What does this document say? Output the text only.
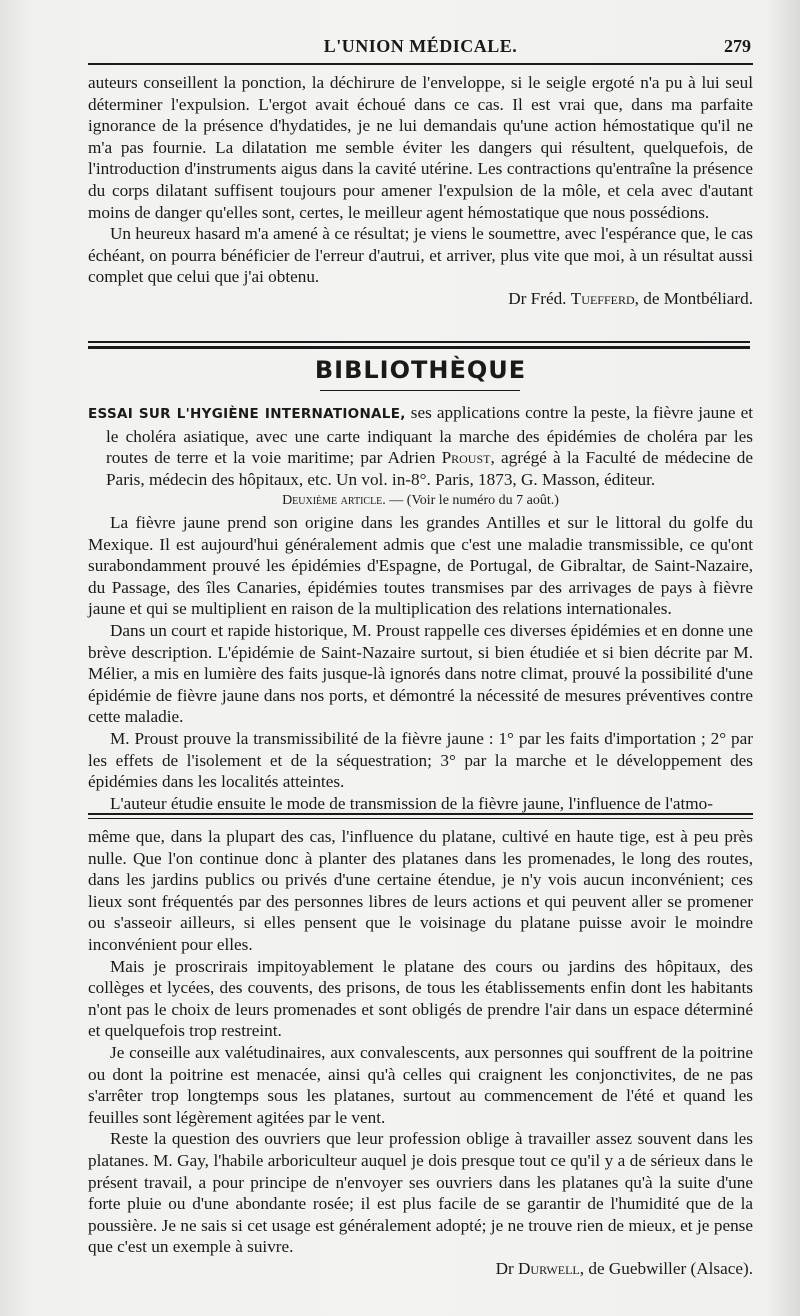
L'UNION MÉDICALE.	279

auteurs conseillent la ponction, la déchirure de l'enveloppe, si le seigle ergoté n'a pu à lui seul déterminer l'expulsion. L'ergot avait échoué dans ce cas. Il est vrai que, dans ma parfaite ignorance de la présence d'hydatides, je ne lui demandais qu'une action hémostatique qu'il ne m'a pas fournie. La dilatation me semble éviter les dangers qui résultent, quelquefois, de l'introduction d'instruments aigus dans la cavité utérine. Les contractions qu'entraîne la présence du corps dilatant suffisent toujours pour amener l'expulsion de la môle, et cela avec d'autant moins de danger qu'elles sont, certes, le meilleur agent hémostatique que nous possédions.

Un heureux hasard m'a amené à ce résultat; je viens le soumettre, avec l'espérance que, le cas échéant, on pourra bénéficier de l'erreur d'autrui, et arriver, plus vite que moi, à un résultat aussi complet que celui que j'ai obtenu.

Dr Fréd. Tuefferd, de Montbéliard.

BIBLIOTHÈQUE

ESSAI SUR L'HYGIÈNE INTERNATIONALE, ses applications contre la peste, la fièvre jaune et le choléra asiatique, avec une carte indiquant la marche des épidémies de choléra par les routes de terre et la voie maritime; par Adrien Proust, agrégé à la Faculté de médecine de Paris, médecin des hôpitaux, etc. Un vol. in-8°. Paris, 1873, G. Masson, éditeur.

Deuxième article. — (Voir le numéro du 7 août.)

La fièvre jaune prend son origine dans les grandes Antilles et sur le littoral du golfe du Mexique. Il est aujourd'hui généralement admis que c'est une maladie transmissible, ce qu'ont surabondamment prouvé les épidémies d'Espagne, de Portugal, de Gibraltar, de Saint-Nazaire, du Passage, des îles Canaries, épidémies toutes transmises par des arrivages de pays à fièvre jaune et qui se multiplient en raison de la multiplication des relations internationales.

Dans un court et rapide historique, M. Proust rappelle ces diverses épidémies et en donne une brève description. L'épidémie de Saint-Nazaire surtout, si bien étudiée et si bien décrite par M. Mélier, a mis en lumière des faits jusque-là ignorés dans notre climat, prouvé la possibilité d'une épidémie de fièvre jaune dans nos ports, et démontré la nécessité de mesures préventives contre cette maladie.

M. Proust prouve la transmissibilité de la fièvre jaune : 1° par les faits d'importation ; 2° par les effets de l'isolement et de la séquestration; 3° par la marche et le développement des épidémies dans les localités atteintes.

L'auteur étudie ensuite le mode de transmission de la fièvre jaune, l'influence de l'atmo-

même que, dans la plupart des cas, l'influence du platane, cultivé en haute tige, est à peu près nulle. Que l'on continue donc à planter des platanes dans les promenades, le long des routes, dans les jardins publics ou privés d'une certaine étendue, je n'y vois aucun inconvénient; ces lieux sont fréquentés par des personnes libres de leurs actions et qui peuvent aller se promener ou s'asseoir ailleurs, si elles pensent que le voisinage du platane puisse avoir le moindre inconvénient pour elles.

Mais je proscrirais impitoyablement le platane des cours ou jardins des hôpitaux, des collèges et lycées, des couvents, des prisons, de tous les établissements enfin dont les habitants n'ont pas le choix de leurs promenades et sont obligés de prendre l'air dans un espace déterminé et quelquefois trop restreint.

Je conseille aux valétudinaires, aux convalescents, aux personnes qui souffrent de la poitrine ou dont la poitrine est menacée, ainsi qu'à celles qui craignent les conjonctivites, de ne pas s'arrêter trop longtemps sous les platanes, surtout au commencement de l'été et quand les feuilles sont légèrement agitées par le vent.

Reste la question des ouvriers que leur profession oblige à travailler assez souvent dans les platanes. M. Gay, l'habile arboriculteur auquel je dois presque tout ce qu'il y a de sérieux dans le présent travail, a pour principe de n'envoyer ses ouvriers dans les platanes qu'à la suite d'une forte pluie ou d'une abondante rosée; il est plus facile de se garantir de l'humidité que de la poussière. Je ne sais si cet usage est généralement adopté; je ne trouve rien de mieux, et je pense que c'est un exemple à suivre.

Dr Durwell, de Guebwiller (Alsace).
